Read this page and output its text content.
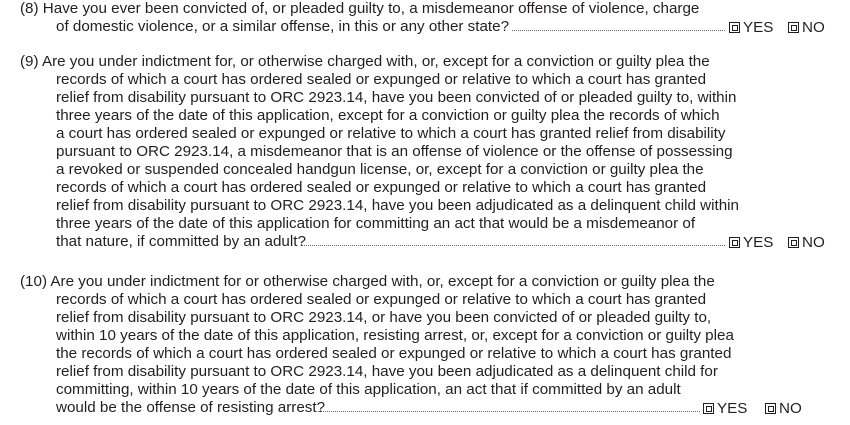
(8) Have you ever been convicted of, or pleaded guilty to, a misdemeanor offense of violence, charge
of domestic violence, or a similar offense, in this or any other state?	YES	NO
(9) Are you under indictment for, or otherwise charged with, or, except for a conviction or guilty plea the
records of which a court has ordered sealed or expunged or relative to which a court has granted
relief from disability pursuant to ORC 2923.14, have you been convicted of or pleaded guilty to, within
three years of the date of this application, except for a conviction or guilty plea the records of which
a court has ordered sealed or expunged or relative to which a court has granted relief from disability
pursuant to ORC 2923.14, a misdemeanor that is an offense of violence or the offense of possessing
a revoked or suspended concealed handgun license, or, except for a conviction or guilty plea the
records of which a court has ordered sealed or expunged or relative to which a court has granted
relief from disability pursuant to ORC 2923.14, have you been adjudicated as a delinquent child within
three years of the date of this application for committing an act that would be a misdemeanor of
that nature, if committed by an adult?	YES	NO
(10) Are you under indictment for or otherwise charged with, or, except for a conviction or guilty plea the
records of which a court has ordered sealed or expunged or relative to which a court has granted
relief from disability pursuant to ORC 2923.14, or have you been convicted of or pleaded guilty to,
within 10 years of the date of this application, resisting arrest, or, except for a conviction or guilty plea
the records of which a court has ordered sealed or expunged or relative to which a court has granted
relief from disability pursuant to ORC 2923.14, have you been adjudicated as a delinquent child for
committing, within 10 years of the date of this application, an act that if committed by an adult
would be the offense of resisting arrest?	YES	NO
